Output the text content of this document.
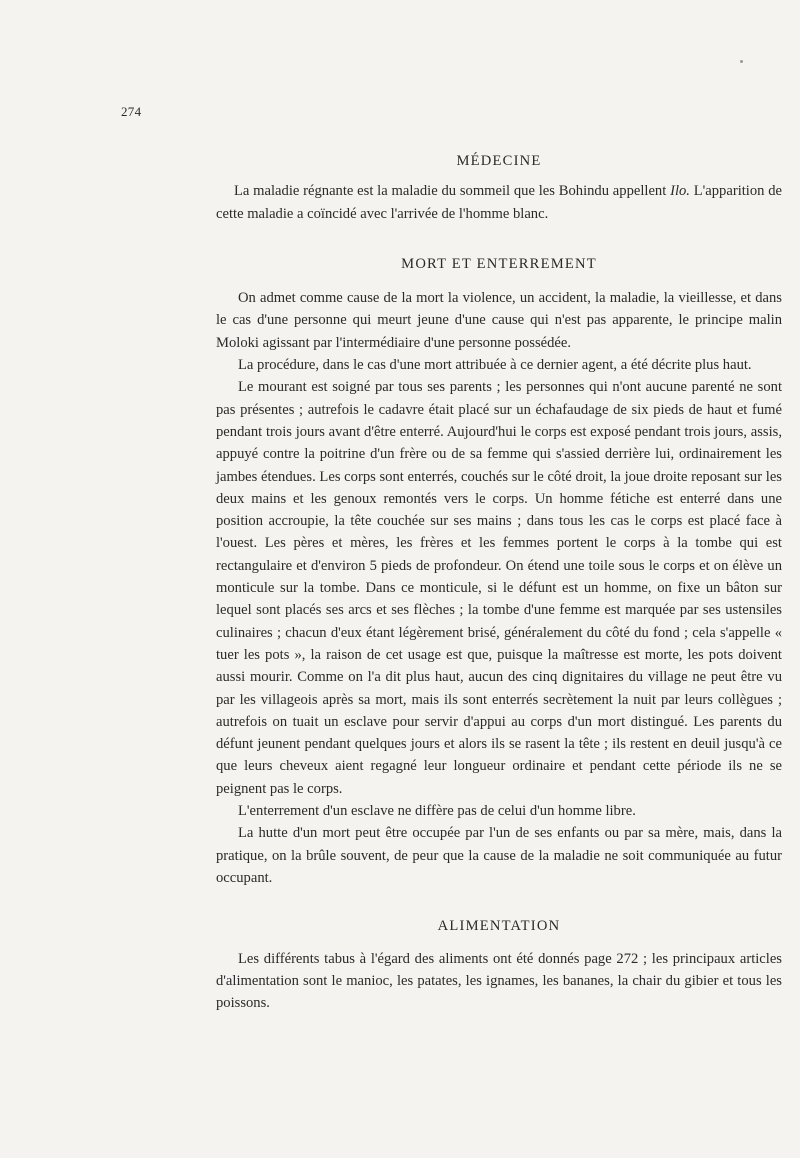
274
MÉDECINE

La maladie régnante est la maladie du sommeil que les Bohindu appellent Ilo. L'apparition de cette maladie a coïncidé avec l'arrivée de l'homme blanc.

MORT ET ENTERREMENT

On admet comme cause de la mort la violence, un accident, la maladie, la vieillesse, et dans le cas d'une personne qui meurt jeune d'une cause qui n'est pas apparente, le principe malin Moloki agissant par l'intermédiaire d'une personne possédée.

La procédure, dans le cas d'une mort attribuée à ce dernier agent, a été décrite plus haut.

Le mourant est soigné par tous ses parents ; les personnes qui n'ont aucune parenté ne sont pas présentes ; autrefois le cadavre était placé sur un échafaudage de six pieds de haut et fumé pendant trois jours avant d'être enterré. Aujourd'hui le corps est exposé pendant trois jours, assis, appuyé contre la poitrine d'un frère ou de sa femme qui s'assied derrière lui, ordinairement les jambes étendues. Les corps sont enterrés, couchés sur le côté droit, la joue droite reposant sur les deux mains et les genoux remontés vers le corps. Un homme fétiche est enterré dans une position accroupie, la tête couchée sur ses mains ; dans tous les cas le corps est placé face à l'ouest. Les pères et mères, les frères et les femmes portent le corps à la tombe qui est rectangulaire et d'environ 5 pieds de profondeur. On étend une toile sous le corps et on élève un monticule sur la tombe. Dans ce monticule, si le défunt est un homme, on fixe un bâton sur lequel sont placés ses arcs et ses flèches ; la tombe d'une femme est marquée par ses ustensiles culinaires ; chacun d'eux étant légèrement brisé, généralement du côté du fond ; cela s'appelle « tuer les pots », la raison de cet usage est que, puisque la maîtresse est morte, les pots doivent aussi mourir. Comme on l'a dit plus haut, aucun des cinq dignitaires du village ne peut être vu par les villageois après sa mort, mais ils sont enterrés secrètement la nuit par leurs collègues ; autrefois on tuait un esclave pour servir d'appui au corps d'un mort distingué. Les parents du défunt jeunent pendant quelques jours et alors ils se rasent la tête ; ils restent en deuil jusqu'à ce que leurs cheveux aient regagné leur longueur ordinaire et pendant cette période ils ne se peignent pas le corps.

L'enterrement d'un esclave ne diffère pas de celui d'un homme libre.

La hutte d'un mort peut être occupée par l'un de ses enfants ou par sa mère, mais, dans la pratique, on la brûle souvent, de peur que la cause de la maladie ne soit communiquée au futur occupant.

ALIMENTATION

Les différents tabus à l'égard des aliments ont été donnés page 272 ; les principaux articles d'alimentation sont le manioc, les patates, les ignames, les bananes, la chair du gibier et tous les poissons.
